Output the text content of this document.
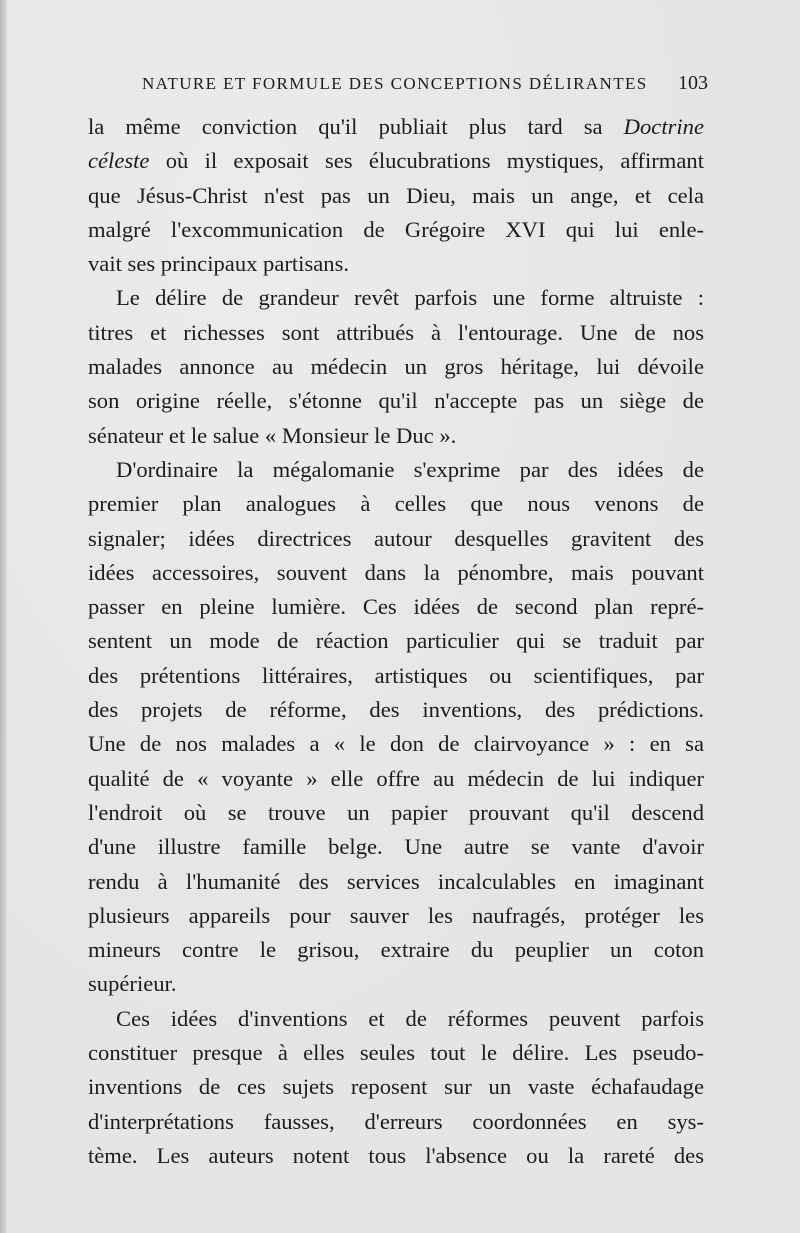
NATURE ET FORMULE DES CONCEPTIONS DÉLIRANTES 103
la même conviction qu'il publiait plus tard sa Doctrine
céleste où il exposait ses élucubrations mystiques, affirmant
que Jésus-Christ n'est pas un Dieu, mais un ange, et cela
malgré l'excommunication de Grégoire XVI qui lui enle-
vait ses principaux partisans.
Le délire de grandeur revêt parfois une forme altruiste :
titres et richesses sont attribués à l'entourage. Une de nos
malades annonce au médecin un gros héritage, lui dévoile
son origine réelle, s'étonne qu'il n'accepte pas un siège de
sénateur et le salue « Monsieur le Duc ».
D'ordinaire la mégalomanie s'exprime par des idées de
premier plan analogues à celles que nous venons de
signaler; idées directrices autour desquelles gravitent des
idées accessoires, souvent dans la pénombre, mais pouvant
passer en pleine lumière. Ces idées de second plan repré-
sentent un mode de réaction particulier qui se traduit par
des prétentions littéraires, artistiques ou scientifiques, par
des projets de réforme, des inventions, des prédictions.
Une de nos malades a « le don de clairvoyance » : en sa
qualité de « voyante » elle offre au médecin de lui indiquer
l'endroit où se trouve un papier prouvant qu'il descend
d'une illustre famille belge. Une autre se vante d'avoir
rendu à l'humanité des services incalculables en imaginant
plusieurs appareils pour sauver les naufragés, protéger les
mineurs contre le grisou, extraire du peuplier un coton
supérieur.
Ces idées d'inventions et de réformes peuvent parfois
constituer presque à elles seules tout le délire. Les pseudo-
inventions de ces sujets reposent sur un vaste échafaudage
d'interprétations fausses, d'erreurs coordonnées en sys-
tème. Les auteurs notent tous l'absence ou la rareté des
